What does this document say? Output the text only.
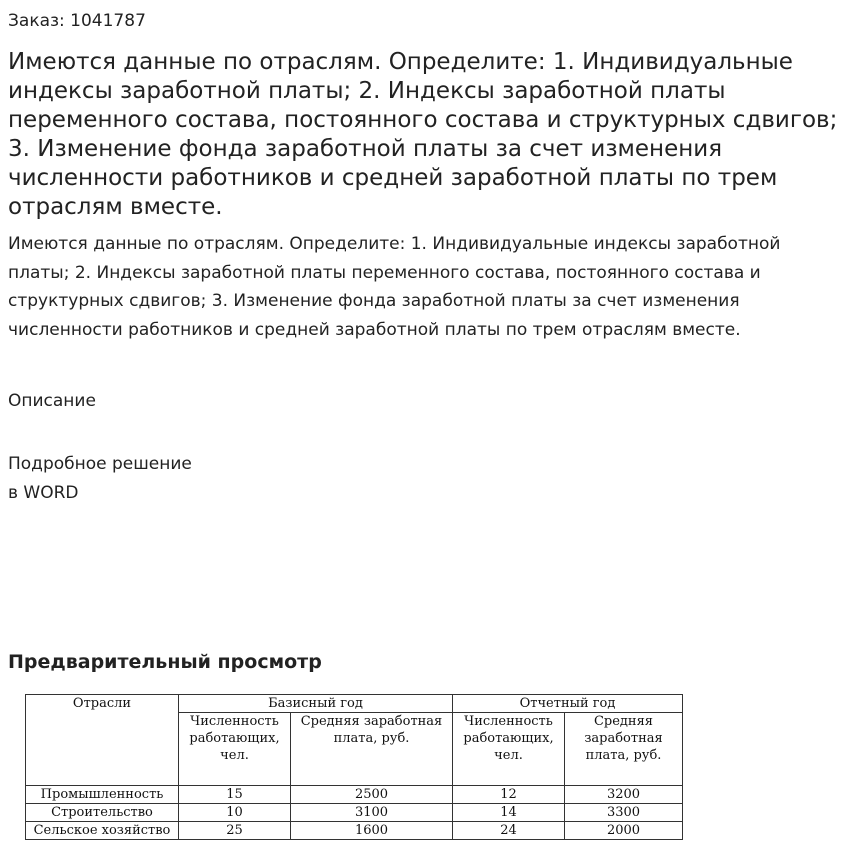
Заказ: 1041787
Имеются данные по отраслям. Определите: 1. Индивидуальные индексы заработной платы; 2. Индексы заработной платы переменного состава, постоянного состава и структурных сдвигов; 3. Изменение фонда заработной платы за счет изменения численности работников и средней заработной платы по трем отраслям вместе.

Имеются данные по отраслям. Определите: 1. Индивидуальные индексы заработной платы; 2. Индексы заработной платы переменного состава, постоянного состава и структурных сдвигов; 3. Изменение фонда заработной платы за счет изменения численности работников и средней заработной платы по трем отраслям вместе.

Описание
Подробное решение
в WORD
Предварительный просмотр
Отрасли	Базисный год		Отчетный год	
	Численность работающих, чел.	Средняя заработная плата, руб.	Численность работающих, чел.	Средняя заработная плата, руб.
Промышленность	15	2500	12	3200
Строительство	10	3100	14	3300
Сельское хозяйство	25	1600	24	2000
